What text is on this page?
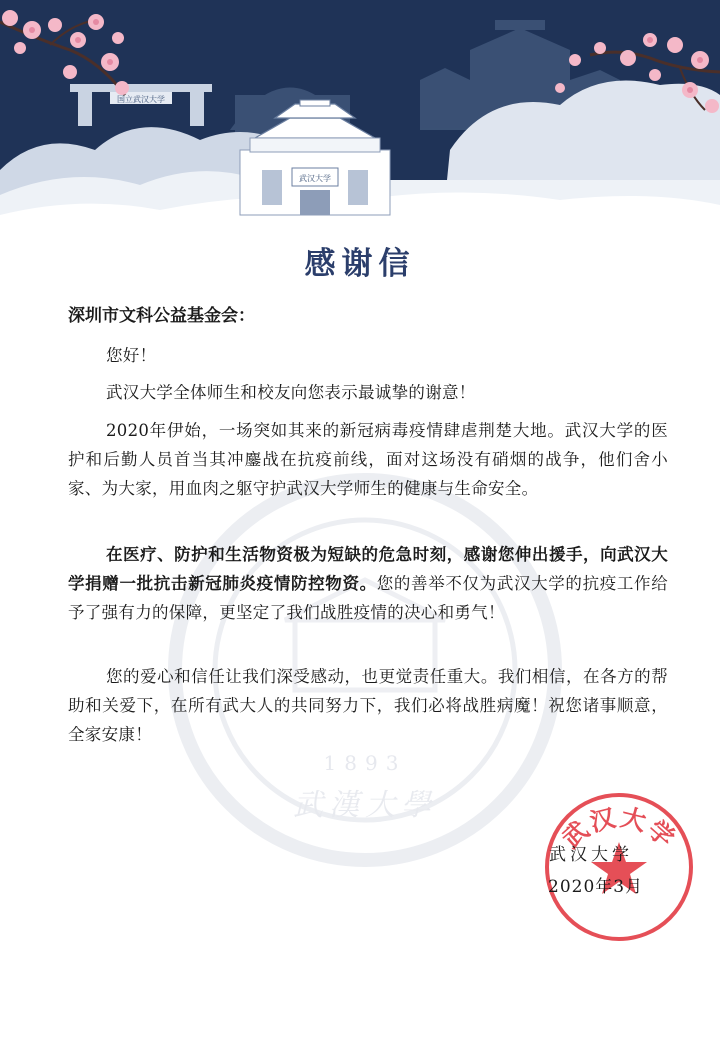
国立武汉大学
武汉大学
1893
武漢大學
感谢信
深圳市文科公益基金会：

您好！

武汉大学全体师生和校友向您表示最诚挚的谢意！

2020年伊始，一场突如其来的新冠病毒疫情肆虐荆楚大地。武汉大学的医护和后勤人员首当其冲鏖战在抗疫前线，面对这场没有硝烟的战争，他们舍小家、为大家，用血肉之躯守护武汉大学师生的健康与生命安全。

在医疗、防护和生活物资极为短缺的危急时刻，感谢您伸出援手，向武汉大学捐赠一批抗击新冠肺炎疫情防控物资。您的善举不仅为武汉大学的抗疫工作给予了强有力的保障，更坚定了我们战胜疫情的决心和勇气！

您的爱心和信任让我们深受感动，也更觉责任重大。我们相信，在各方的帮助和关爱下，在所有武大人的共同努力下，我们必将战胜病魔！祝您诸事顺意，全家安康！

武汉大学
武汉大学
2020年3月
